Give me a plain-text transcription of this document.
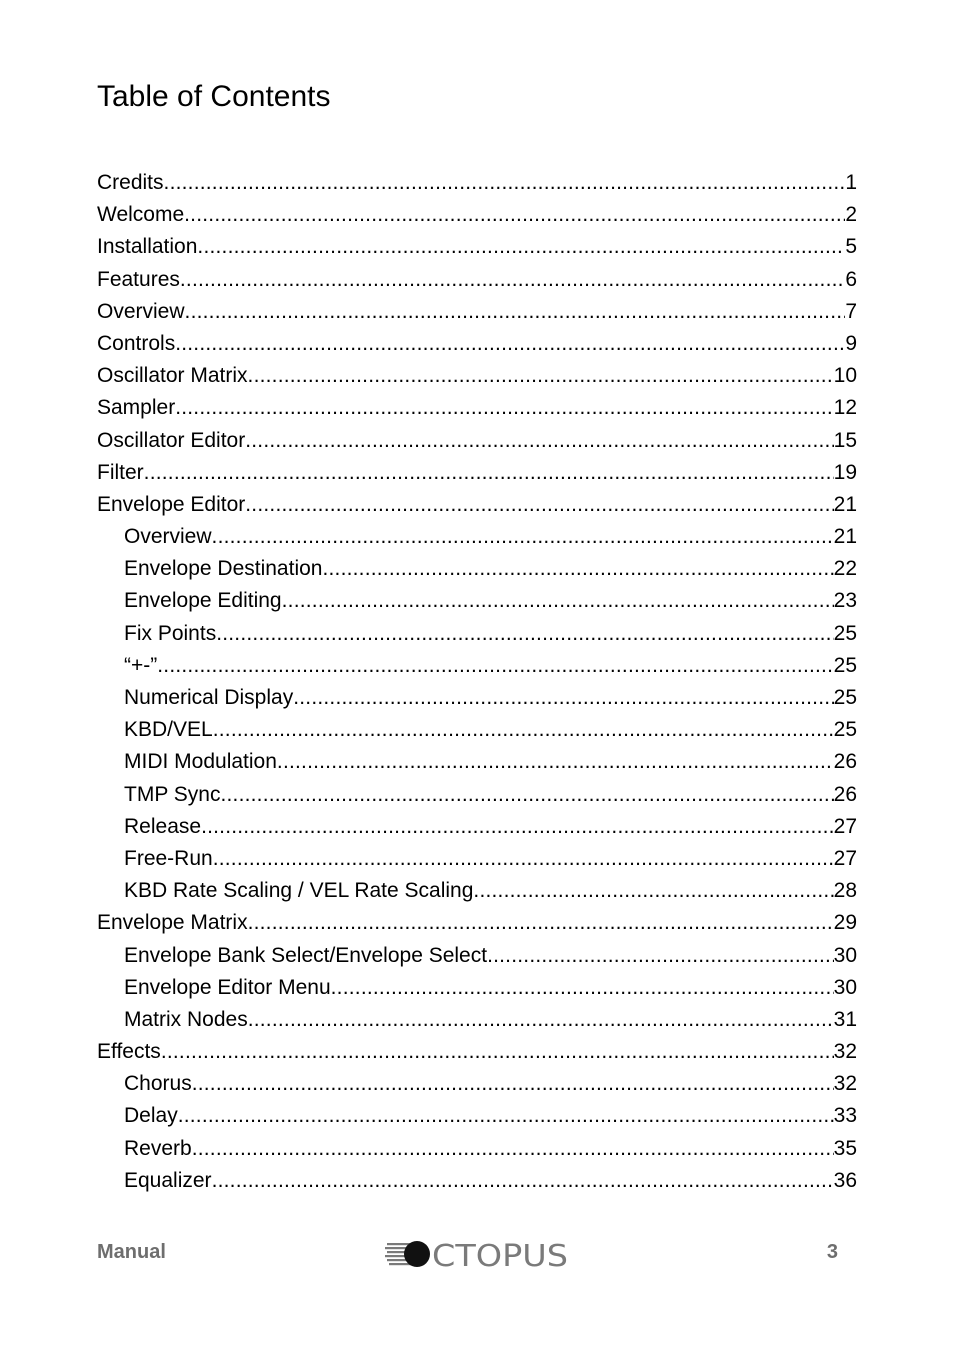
Table of Contents
Credits .....	1
Welcome .....	2
Installation .....	5
Features .....	6
Overview .....	7
Controls .....	9
Oscillator Matrix .....	10
Sampler .....	12
Oscillator Editor .....	15
Filter .....	19
Envelope Editor .....	21
Overview .....	21
Envelope Destination .....	22
Envelope Editing .....	23
Fix Points .....	25
“+-” .....	25
Numerical Display .....	25
KBD/VEL .....	25
MIDI Modulation .....	26
TMP Sync .....	26
Release .....	27
Free-Run .....	27
KBD Rate Scaling / VEL Rate Scaling .....	28
Envelope Matrix .....	29
Envelope Bank Select/Envelope Select .....	30
Envelope Editor Menu .....	30
Matrix Nodes .....	31
Effects .....	32
Chorus .....	32
Delay .....	33
Reverb .....	35
Equalizer .....	36
Manual	CTOPUS	3
